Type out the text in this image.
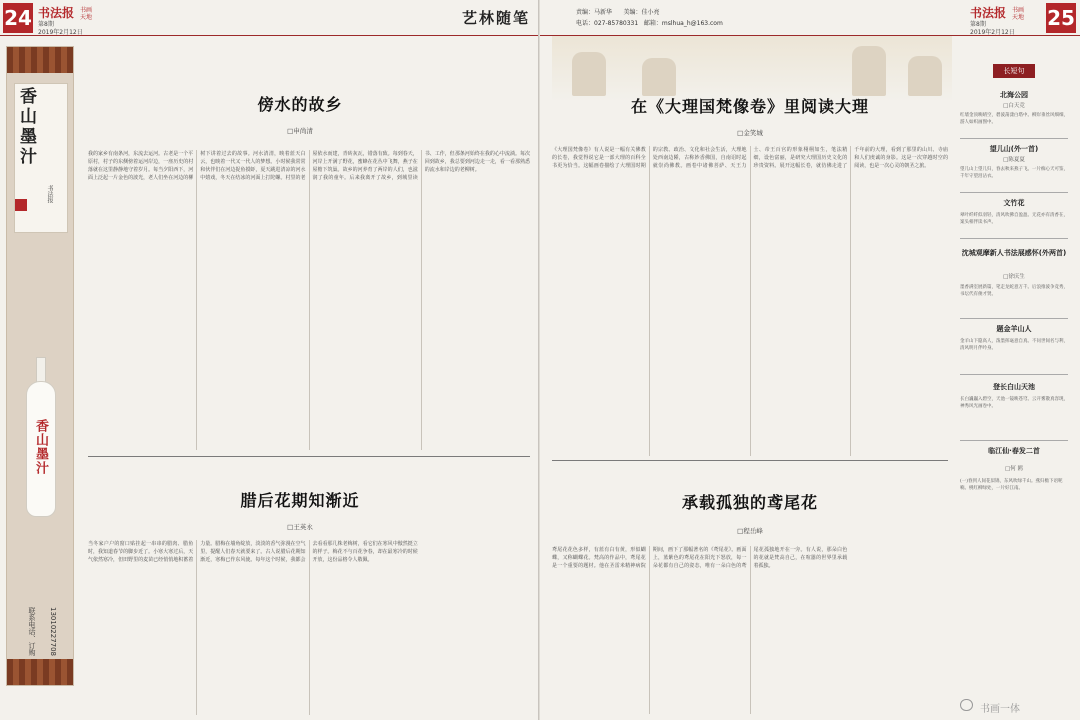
24 书法报 书画天地
第8期
2019年2月12日
艺林随笔
香山墨汁
书法报
香山墨汁
联系电话、订购	13010227708
傍水的故乡
□申尚清
我的家乡有南条河，东流去运河。古老是一个平原村，村子的东侧傍着运河岸边，一座历史的村落就在这里静静地守着岁月。每当夕阳西下，河面上泛起一片金色的波光，老人们坐在河边的柳树下讲着过去的故事。河水清清，映着蓝天白云，也映着一代又一代人的梦想。小时候我常常和伙伴们在河边捉鱼摸虾，夏天跳进清凉的河水中嬉戏，冬天在结冰的河面上打陀螺。村里的老屋依水而建，青砖灰瓦，错落有致。每到春天，河岸上开满了野花，蜜蜂在花丛中飞舞，燕子在屋檐下筑巢。故乡的河养育了两岸的人们，也滋润了我的童年。后来我离开了故乡，到城里读书、工作，但那条河始终在我的心中流淌。每次回到故乡，我总要到河边走一走，看一看那熟悉的流水和岸边的老柳树。
腊后花期知渐近
□王英永
当冬家户户的窗口贴挂起一串串的腊肉、腊鱼时，我知道春节的脚步近了。小寒大寒过后，天气依然寒冷，但田野里的麦苗已经悄悄地积蓄着力量。腊梅在墙角绽放，淡淡的香气弥漫在空气里，提醒人们春天就要来了。古人说腊后花期知渐近，寒梅已作东风使。每年这个时候，我都会去看看那几株老梅树，看它们在寒风中傲然挺立的样子。梅花不与百花争春，却在最寒冷的时候开放，这份品格令人敬佩。
责编：马新华 美编：佳小亮
电话：027-85780331 邮箱：mslhua_h@163.com
书法报 书画天地
第8期
2019年2月12日
25
在《大理国梵像卷》里阅读大理
□金笑城
《大理国梵像卷》有人说是一幅有关佛教的长卷，我觉得说它是一部大理的百科全书更为恰当。这幅画卷描绘了大理国时期的宗教、政治、文化和社会生活，大理地处西南边陲，古称妙香佛国，自南诏时起就崇尚佛教。画卷中诸佛菩萨、天王力士、帝王百官的形象栩栩如生，笔法精细，设色富丽，是研究大理国历史文化的珍贵资料。展开这幅长卷，就仿佛走进了千年前的大理，看到了那里的山川、寺庙和人们虔诚的身影。这是一次穿越时空的阅读，也是一次心灵的朝圣之旅。
承载孤独的鸢尾花
□程岳峰
鸢尾花花色多样，有蓝有白有黄，形似蝴蝶，又称蝴蝶花。梵高的作品中，鸢尾花是一个重要的题材。他在圣雷米精神病院期间，画下了那幅著名的《鸢尾花》。画面上，蓝紫色的鸢尾花在阳光下怒放，每一朵花都有自己的姿态，唯有一朵白色的鸢尾花孤独地开在一旁。有人说，那朵白色的花就是梵高自己，在喧嚣的世界里承载着孤独。
长短句
北海公园
□白天竞
红墙金顶映晴空，碧波荡漾白塔中。柳岸垂丝风细细，游人如织画图中。
望儿山(外一首)
□陈夏夏
望儿山上望儿归，春去秋来燕子飞。一片痴心天可鉴，千年守望泪沾衣。
文竹花
翠叶纤纤似羽轻，清风吹拂自盈盈。无花亦有清香在，案头相伴读书声。
沈城观摩新人书法展感怀(外两首)
□徐庆生
墨香满室展新篇，笔走龙蛇意万千。后浪推波争竞秀，书坛代有俊才贤。
题金羊山人
金羊山下隐高人，泼墨挥毫意自真。不问世间名与利，清风明月伴吟身。
登长白山天池
长白巍巍入碧空，天池一镜映苍穹。云开雾散真容现，神秀风光画卷中。
临江仙·春发二首
□何 鸥
(一)春到人间花似锦，东风吹绿千山。燕归檐下语呢喃。桃红柳绿处，一片好江南。
书画一体
